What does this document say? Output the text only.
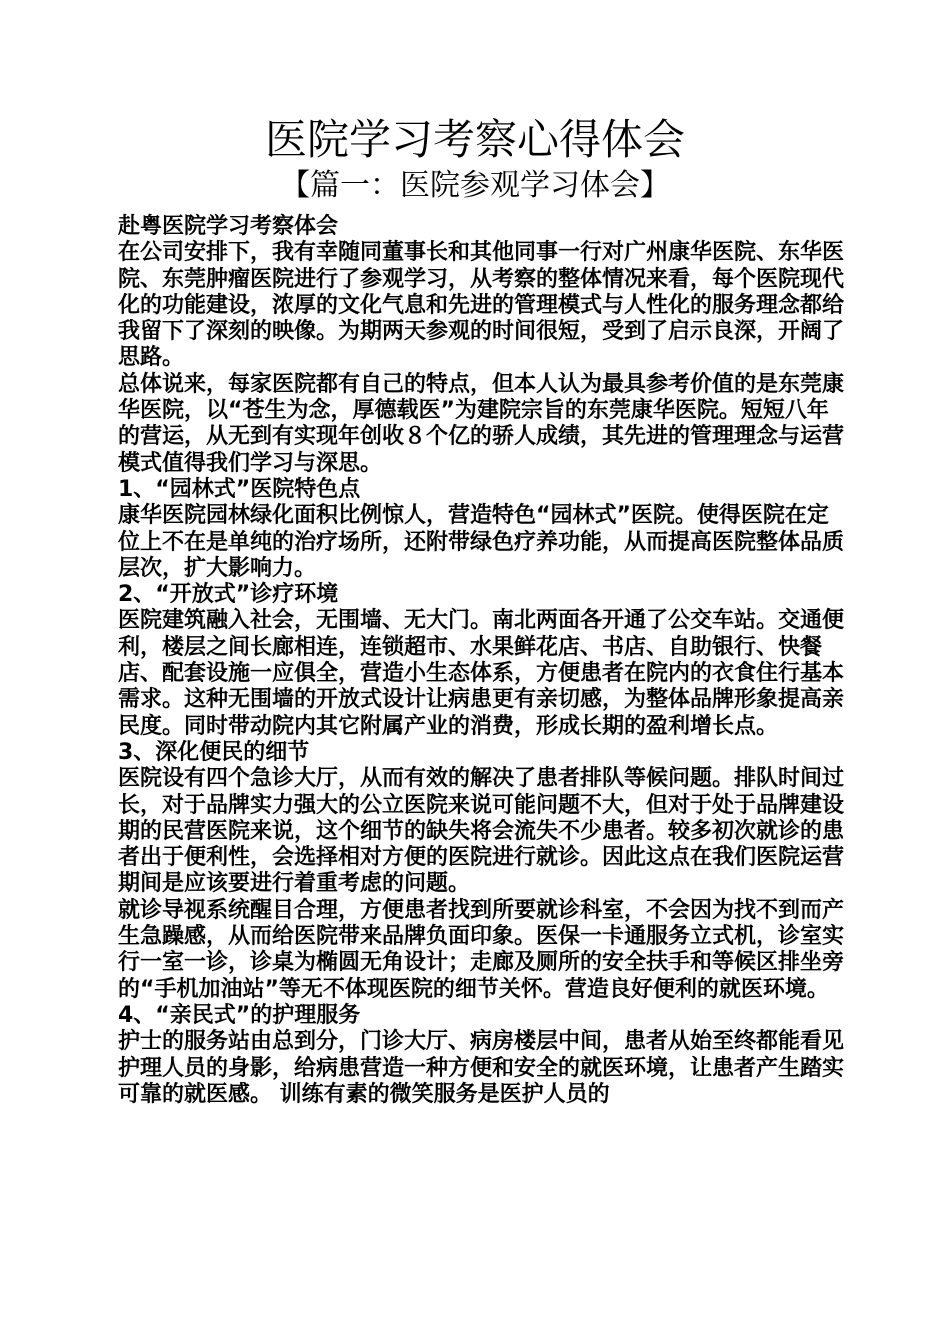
医院学习考察心得体会
【篇一：医院参观学习体会】

赴粤医院学习考察体会

在公司安排下，我有幸随同董事长和其他同事一行对广州康华医院、东华医院、东莞肿瘤医院进行了参观学习，从考察的整体情况来看，每个医院现代化的功能建设，浓厚的文化气息和先进的管理模式与人性化的服务理念都给我留下了深刻的映像。为期两天参观的时间很短，受到了启示良深，开阔了思路。

总体说来，每家医院都有自己的特点，但本人认为最具参考价值的是东莞康华医院，以“苍生为念，厚德载医”为建院宗旨的东莞康华医院。短短八年的营运，从无到有实现年创收８个亿的骄人成绩，其先进的管理理念与运营模式值得我们学习与深思。

1、“园林式”医院特色点

康华医院园林绿化面积比例惊人，营造特色“园林式”医院。使得医院在定位上不在是单纯的治疗场所，还附带绿色疗养功能，从而提高医院整体品质层次，扩大影响力。

2、“开放式”诊疗环境

医院建筑融入社会，无围墙、无大门。南北两面各开通了公交车站。交通便利，楼层之间长廊相连，连锁超市、水果鲜花店、书店、自助银行、快餐店、配套设施一应俱全，营造小生态体系，方便患者在院内的衣食住行基本需求。这种无围墙的开放式设计让病患更有亲切感，为整体品牌形象提高亲民度。同时带动院内其它附属产业的消费，形成长期的盈利增长点。

3、深化便民的细节

医院设有四个急诊大厅，从而有效的解决了患者排队等候问题。排队时间过长，对于品牌实力强大的公立医院来说可能问题不大，但对于处于品牌建设期的民营医院来说，这个细节的缺失将会流失不少患者。较多初次就诊的患者出于便利性，会选择相对方便的医院进行就诊。因此这点在我们医院运营期间是应该要进行着重考虑的问题。

就诊导视系统醒目合理，方便患者找到所要就诊科室，不会因为找不到而产生急躁感，从而给医院带来品牌负面印象。医保一卡通服务立式机，诊室实行一室一诊，诊桌为椭圆无角设计；走廊及厕所的安全扶手和等候区排坐旁的“手机加油站”等无不体现医院的细节关怀。营造良好便利的就医环境。

4、“亲民式”的护理服务

护士的服务站由总到分，门诊大厅、病房楼层中间，患者从始至终都能看见护理人员的身影，给病患营造一种方便和安全的就医环境，让患者产生踏实可靠的就医感。 训练有素的微笑服务是医护人员的
